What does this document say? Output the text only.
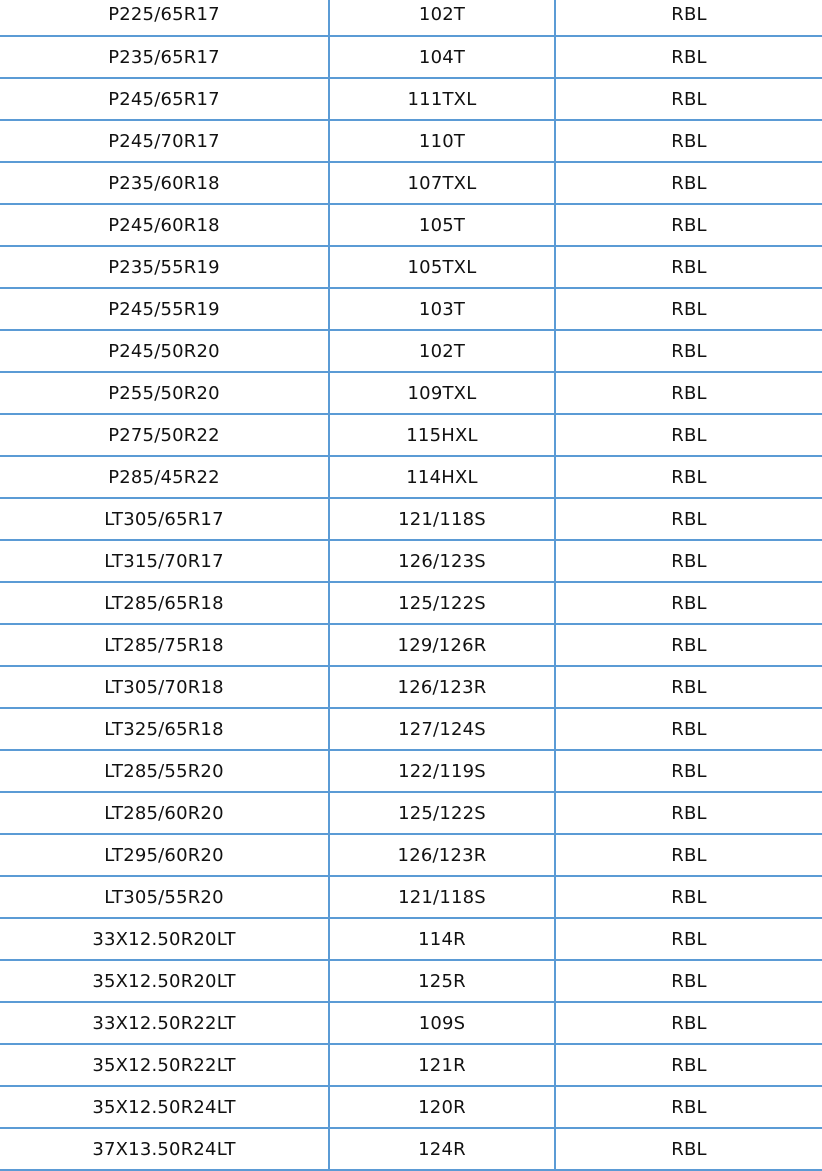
P225/65R17	102T	RBL
P235/65R17	104T	RBL
P245/65R17	111TXL	RBL
P245/70R17	110T	RBL
P235/60R18	107TXL	RBL
P245/60R18	105T	RBL
P235/55R19	105TXL	RBL
P245/55R19	103T	RBL
P245/50R20	102T	RBL
P255/50R20	109TXL	RBL
P275/50R22	115HXL	RBL
P285/45R22	114HXL	RBL
LT305/65R17	121/118S	RBL
LT315/70R17	126/123S	RBL
LT285/65R18	125/122S	RBL
LT285/75R18	129/126R	RBL
LT305/70R18	126/123R	RBL
LT325/65R18	127/124S	RBL
LT285/55R20	122/119S	RBL
LT285/60R20	125/122S	RBL
LT295/60R20	126/123R	RBL
LT305/55R20	121/118S	RBL
33X12.50R20LT	114R	RBL
35X12.50R20LT	125R	RBL
33X12.50R22LT	109S	RBL
35X12.50R22LT	121R	RBL
35X12.50R24LT	120R	RBL
37X13.50R24LT	124R	RBL
